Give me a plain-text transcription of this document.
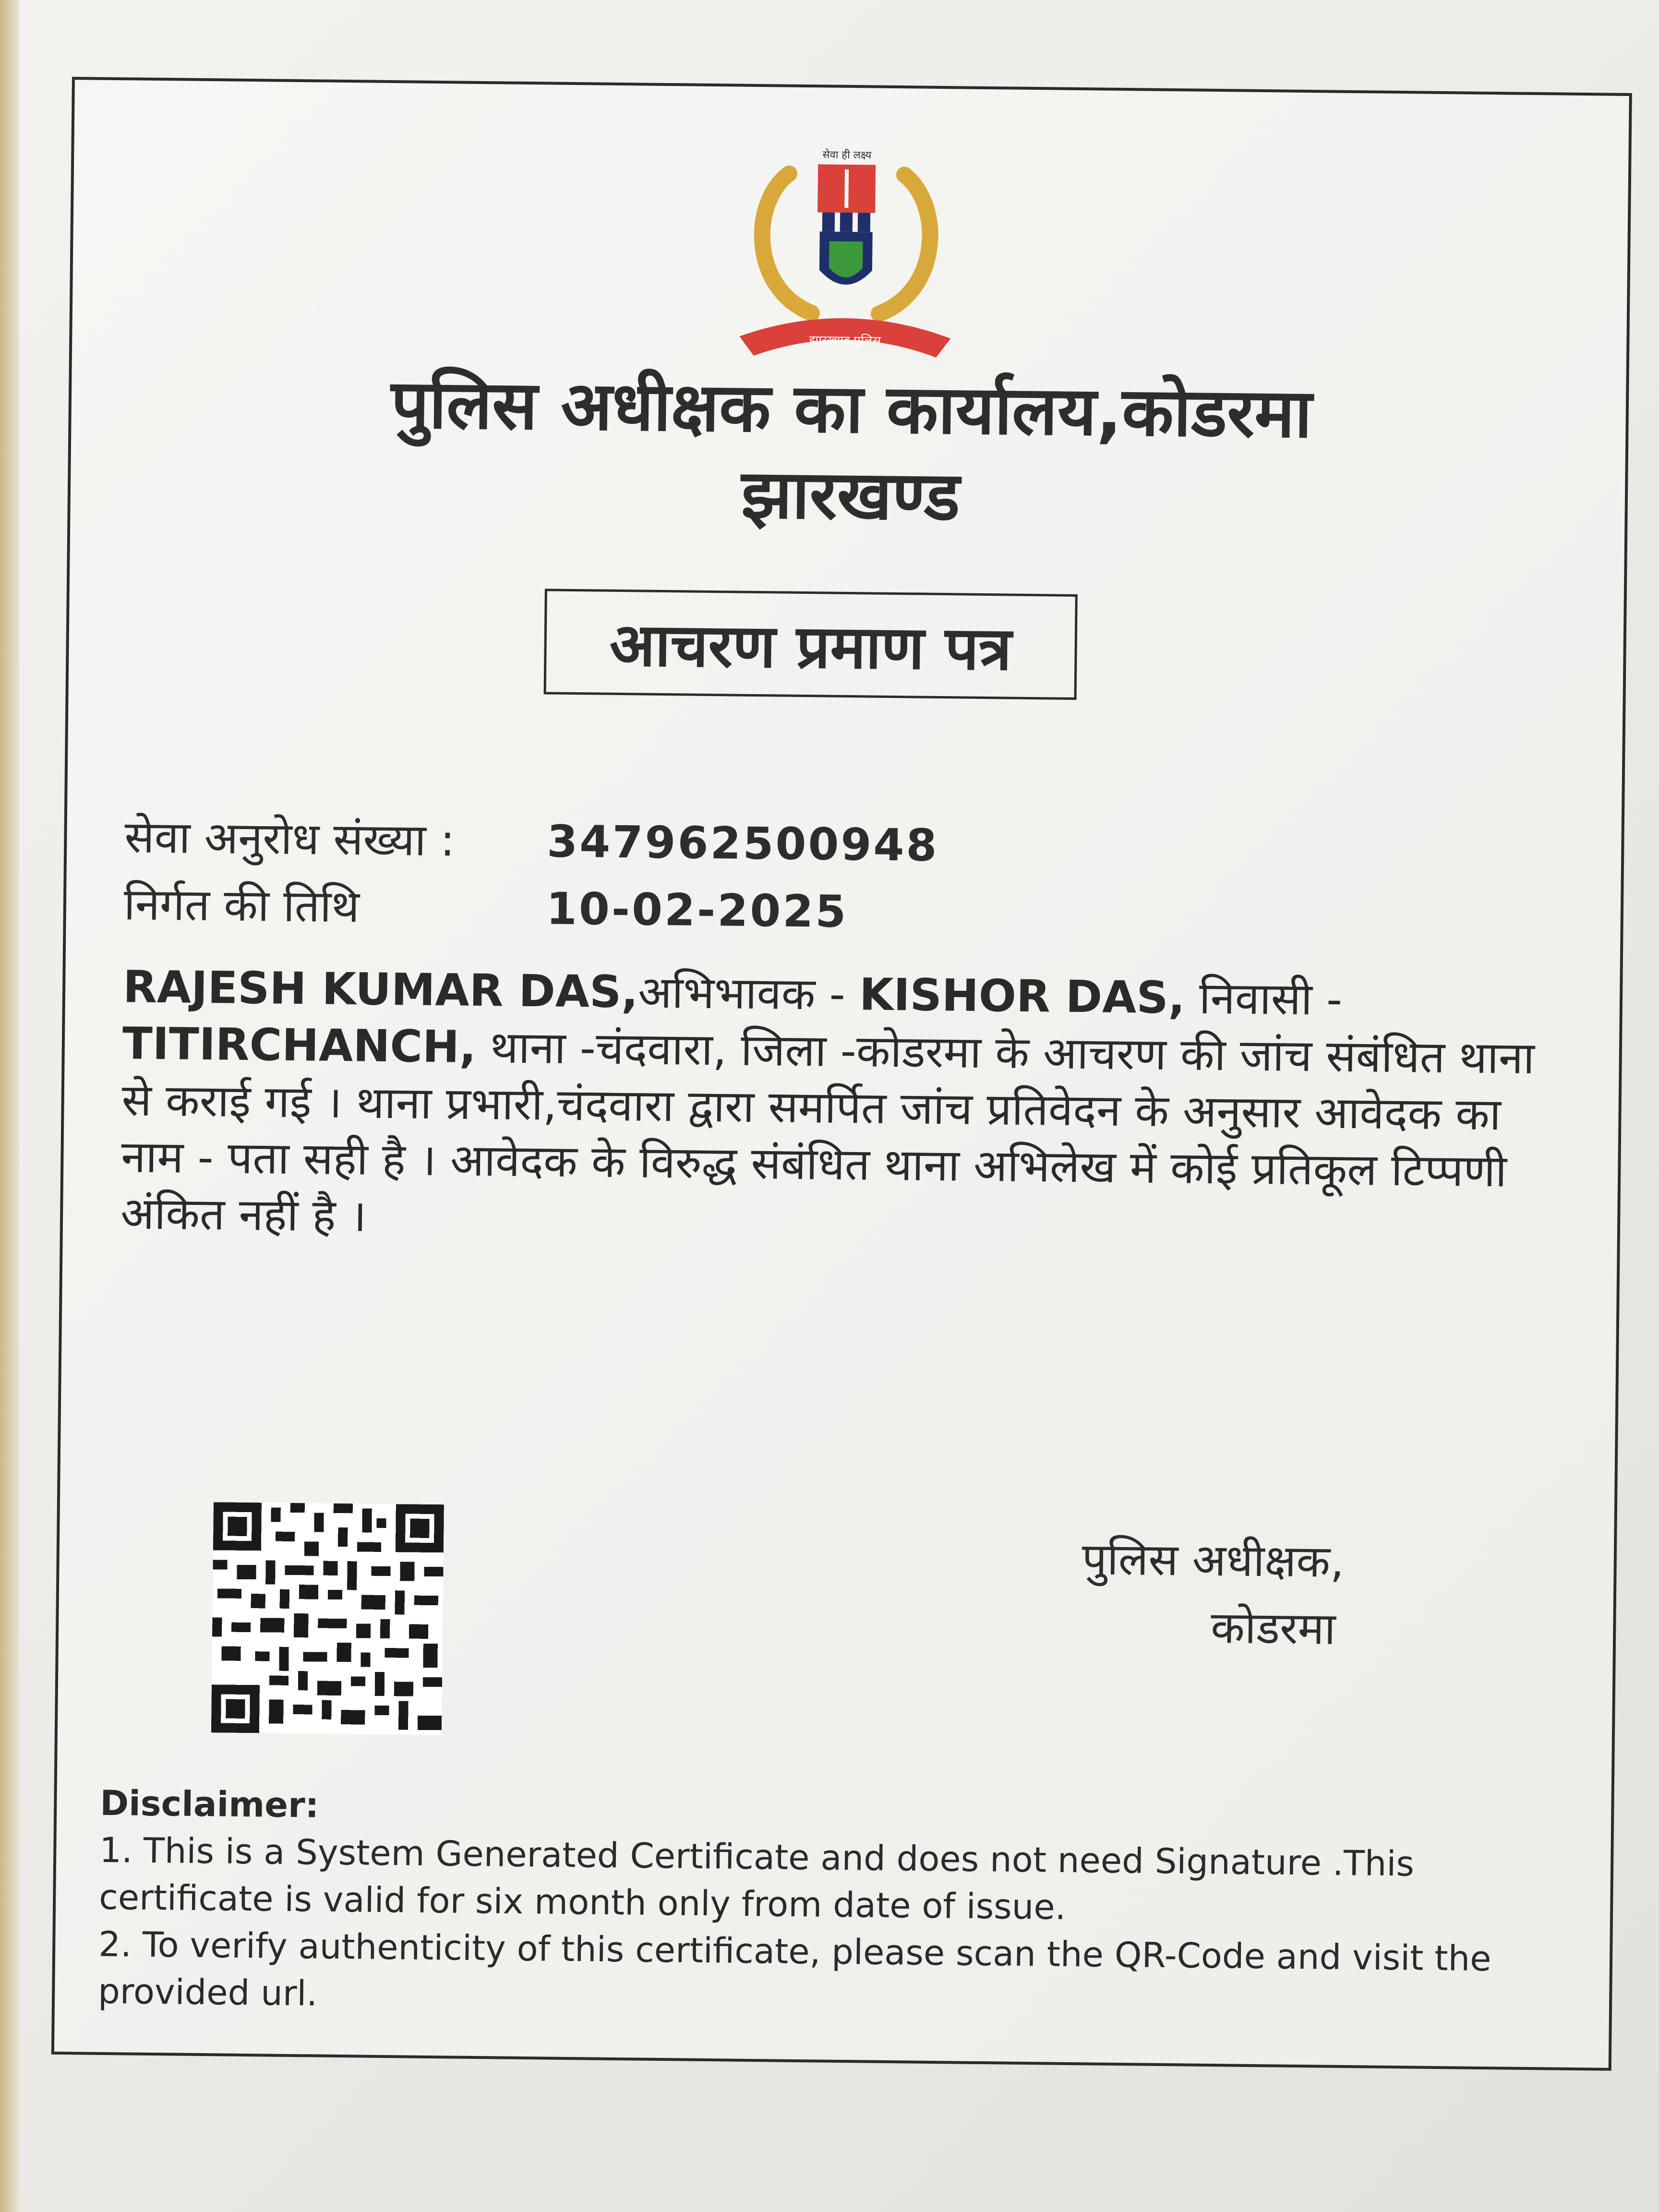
सेवा ही लक्ष्य
झारखण्ड पुलिस
पुलिस अधीक्षक का कार्यालय,कोडरमा
झारखण्ड
आचरण प्रमाण पत्र
सेवा अनुरोध संख्या : 347962500948
निर्गत की तिथि	10-02-2025
RAJESH KUMAR DAS,अभिभावक - KISHOR DAS, निवासी - TITIRCHANCH, थाना -चंदवारा, जिला -कोडरमा के आचरण की जांच संबंधित थाना से कराई गई । थाना प्रभारी,चंदवारा द्वारा समर्पित जांच प्रतिवेदन के अनुसार आवेदक का नाम - पता सही है । आवेदक के विरुद्ध संबंधित थाना अभिलेख में कोई प्रतिकूल टिप्पणी अंकित नहीं है ।
पुलिस अधीक्षक,
कोडरमा
Disclaimer:
1. This is a System Generated Certificate and does not need Signature .This certificate is valid for six month only from date of issue.
2. To verify authenticity of this certificate, please scan the QR-Code and visit the provided url.
